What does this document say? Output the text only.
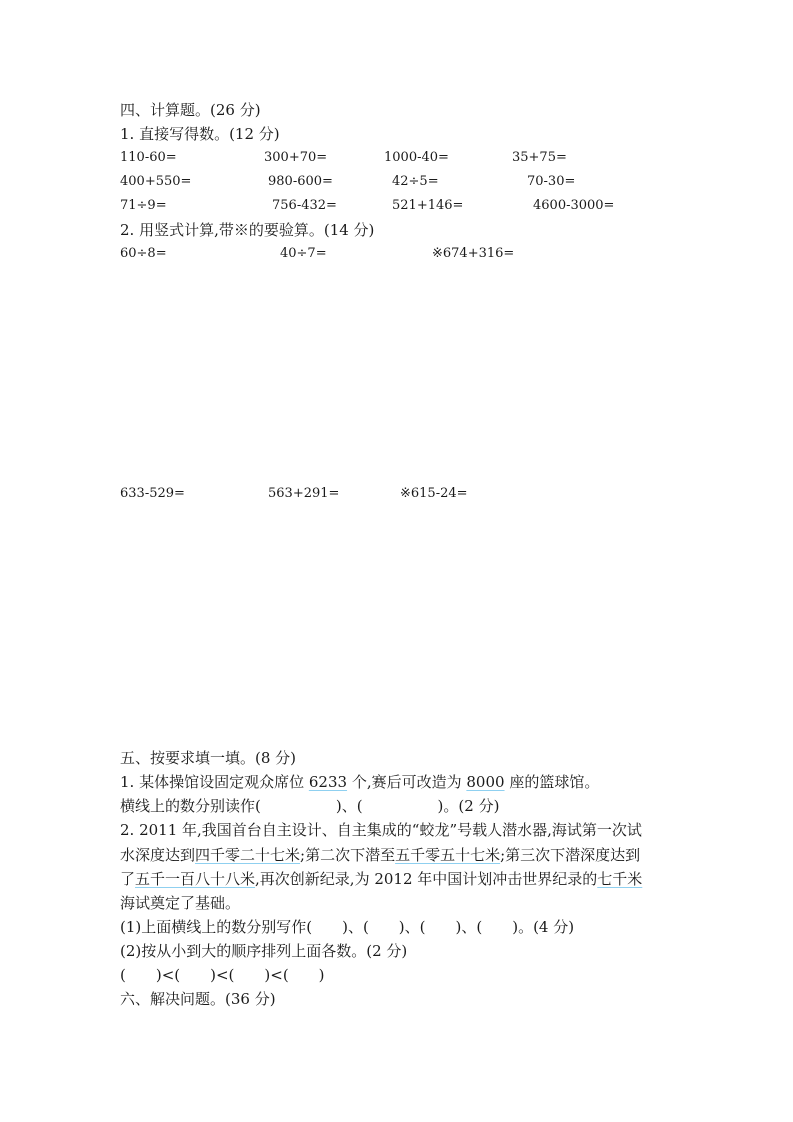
四、计算题。(26 分)
1. 直接写得数。(12 分)
110-60=	300+70=	1000-40=	35+75=
400+550=	980-600=	42÷5=	70-30=
71÷9=	756-432=	521+146=	4600-3000=
2. 用竖式计算,带※的要验算。(14 分)
60÷8=	40÷7=	※674+316=
633-529=	563+291=	※615-24=
五、按要求填一填。(8 分)
1. 某体操馆设固定观众席位 6233 个,赛后可改造为 8000 座的篮球馆。
横线上的数分别读作(　　　　　)、(　　　　　)。(2 分)
2. 2011 年,我国首台自主设计、自主集成的“蛟龙”号载人潜水器,海试第一次试
水深度达到四千零二十七米;第二次下潜至五千零五十七米;第三次下潜深度达到
了五千一百八十八米,再次创新纪录,为 2012 年中国计划冲击世界纪录的七千米
海试奠定了基础。
(1)上面横线上的数分别写作(　　)、(　　)、(　　)、(　　)。(4 分)
(2)按从小到大的顺序排列上面各数。(2 分)
(　　)<(　　)<(　　)<(　　)
六、解决问题。(36 分)
